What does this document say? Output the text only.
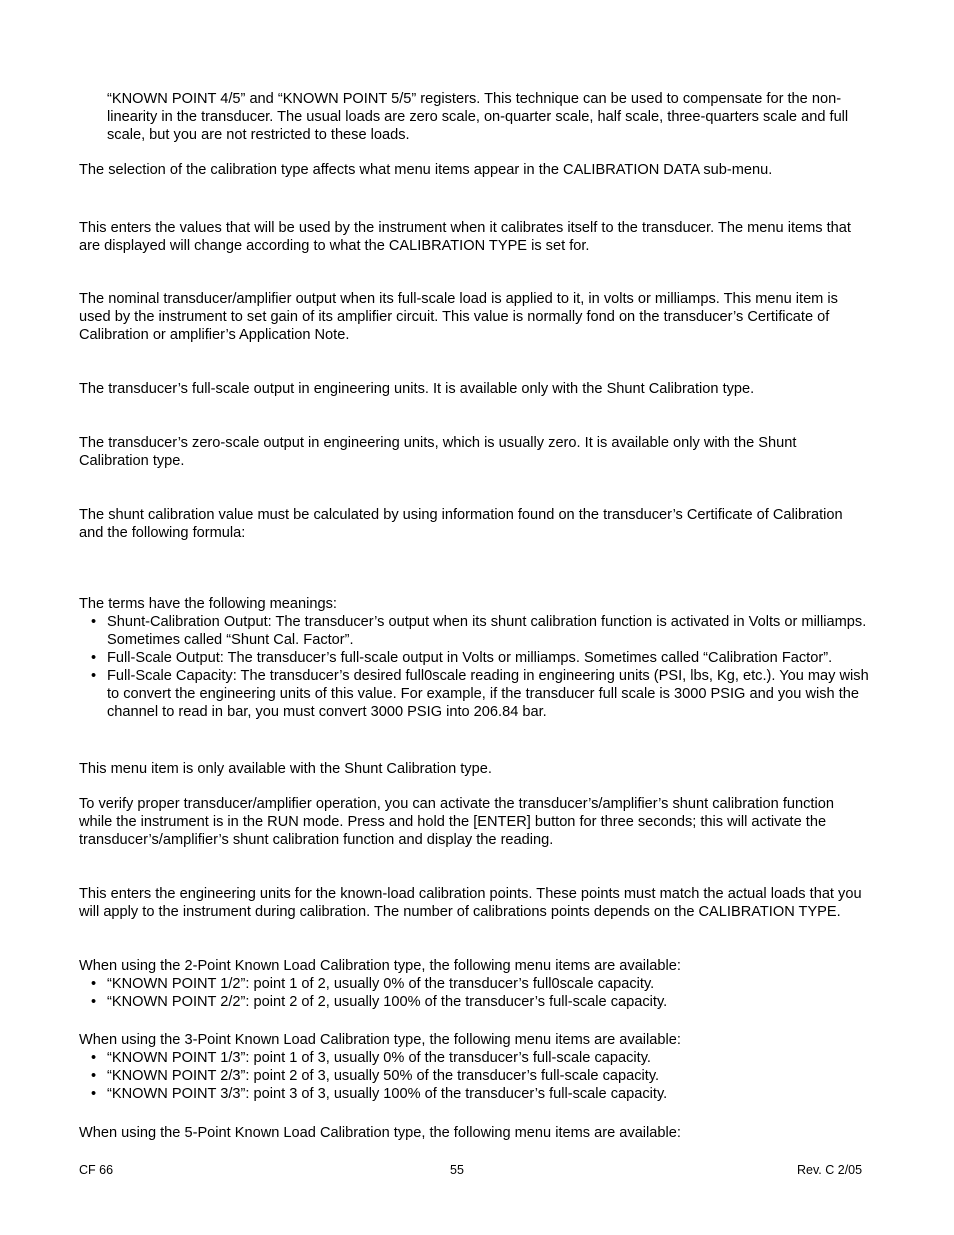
“KNOWN POINT 4/5” and “KNOWN POINT 5/5” registers. This technique can be used to compensate for the non-linearity in the transducer. The usual loads are zero scale, on-quarter scale, half scale, three-quarters scale and full scale, but you are not restricted to these loads.

The selection of the calibration type affects what menu items appear in the CALIBRATION DATA sub-menu.

This enters the values that will be used by the instrument when it calibrates itself to the transducer. The menu items that are displayed will change according to what the CALIBRATION TYPE is set for.

The nominal transducer/amplifier output when its full-scale load is applied to it, in volts or milliamps. This menu item is used by the instrument to set gain of its amplifier circuit. This value is normally fond on the transducer’s Certificate of Calibration or amplifier’s Application Note.

The transducer’s full-scale output in engineering units. It is available only with the Shunt Calibration type.

The transducer’s zero-scale output in engineering units, which is usually zero. It is available only with the Shunt Calibration type.

The shunt calibration value must be calculated by using information found on the transducer’s Certificate of Calibration and the following formula:

The terms have the following meanings:

• Shunt-Calibration Output: The transducer’s output when its shunt calibration function is activated in Volts or milliamps. Sometimes called “Shunt Cal. Factor”.
• Full-Scale Output: The transducer’s full-scale output in Volts or milliamps. Sometimes called “Calibration Factor”.
• Full-Scale Capacity: The transducer’s desired full0scale reading in engineering units (PSI, lbs, Kg, etc.). You may wish to convert the engineering units of this value. For example, if the transducer full scale is 3000 PSIG and you wish the channel to read in bar, you must convert 3000 PSIG into 206.84 bar.

This menu item is only available with the Shunt Calibration type.

To verify proper transducer/amplifier operation, you can activate the transducer’s/amplifier’s shunt calibration function while the instrument is in the RUN mode. Press and hold the [ENTER] button for three seconds; this will activate the transducer’s/amplifier’s shunt calibration function and display the reading.

This enters the engineering units for the known-load calibration points. These points must match the actual loads that you will apply to the instrument during calibration. The number of calibrations points depends on the CALIBRATION TYPE.

When using the 2-Point Known Load Calibration type, the following menu items are available:

• “KNOWN POINT 1/2”: point 1 of 2, usually 0% of the transducer’s full0scale capacity.
• “KNOWN POINT 2/2”: point 2 of 2, usually 100% of the transducer’s full-scale capacity.

When using the 3-Point Known Load Calibration type, the following menu items are available:

• “KNOWN POINT 1/3”: point 1 of 3, usually 0% of the transducer’s full-scale capacity.
• “KNOWN POINT 2/3”: point 2 of 3, usually 50% of the transducer’s full-scale capacity.
• “KNOWN POINT 3/3”: point 3 of 3, usually 100% of the transducer’s full-scale capacity.

When using the 5-Point Known Load Calibration type, the following menu items are available:

CF 66	55	Rev. C 2/05
